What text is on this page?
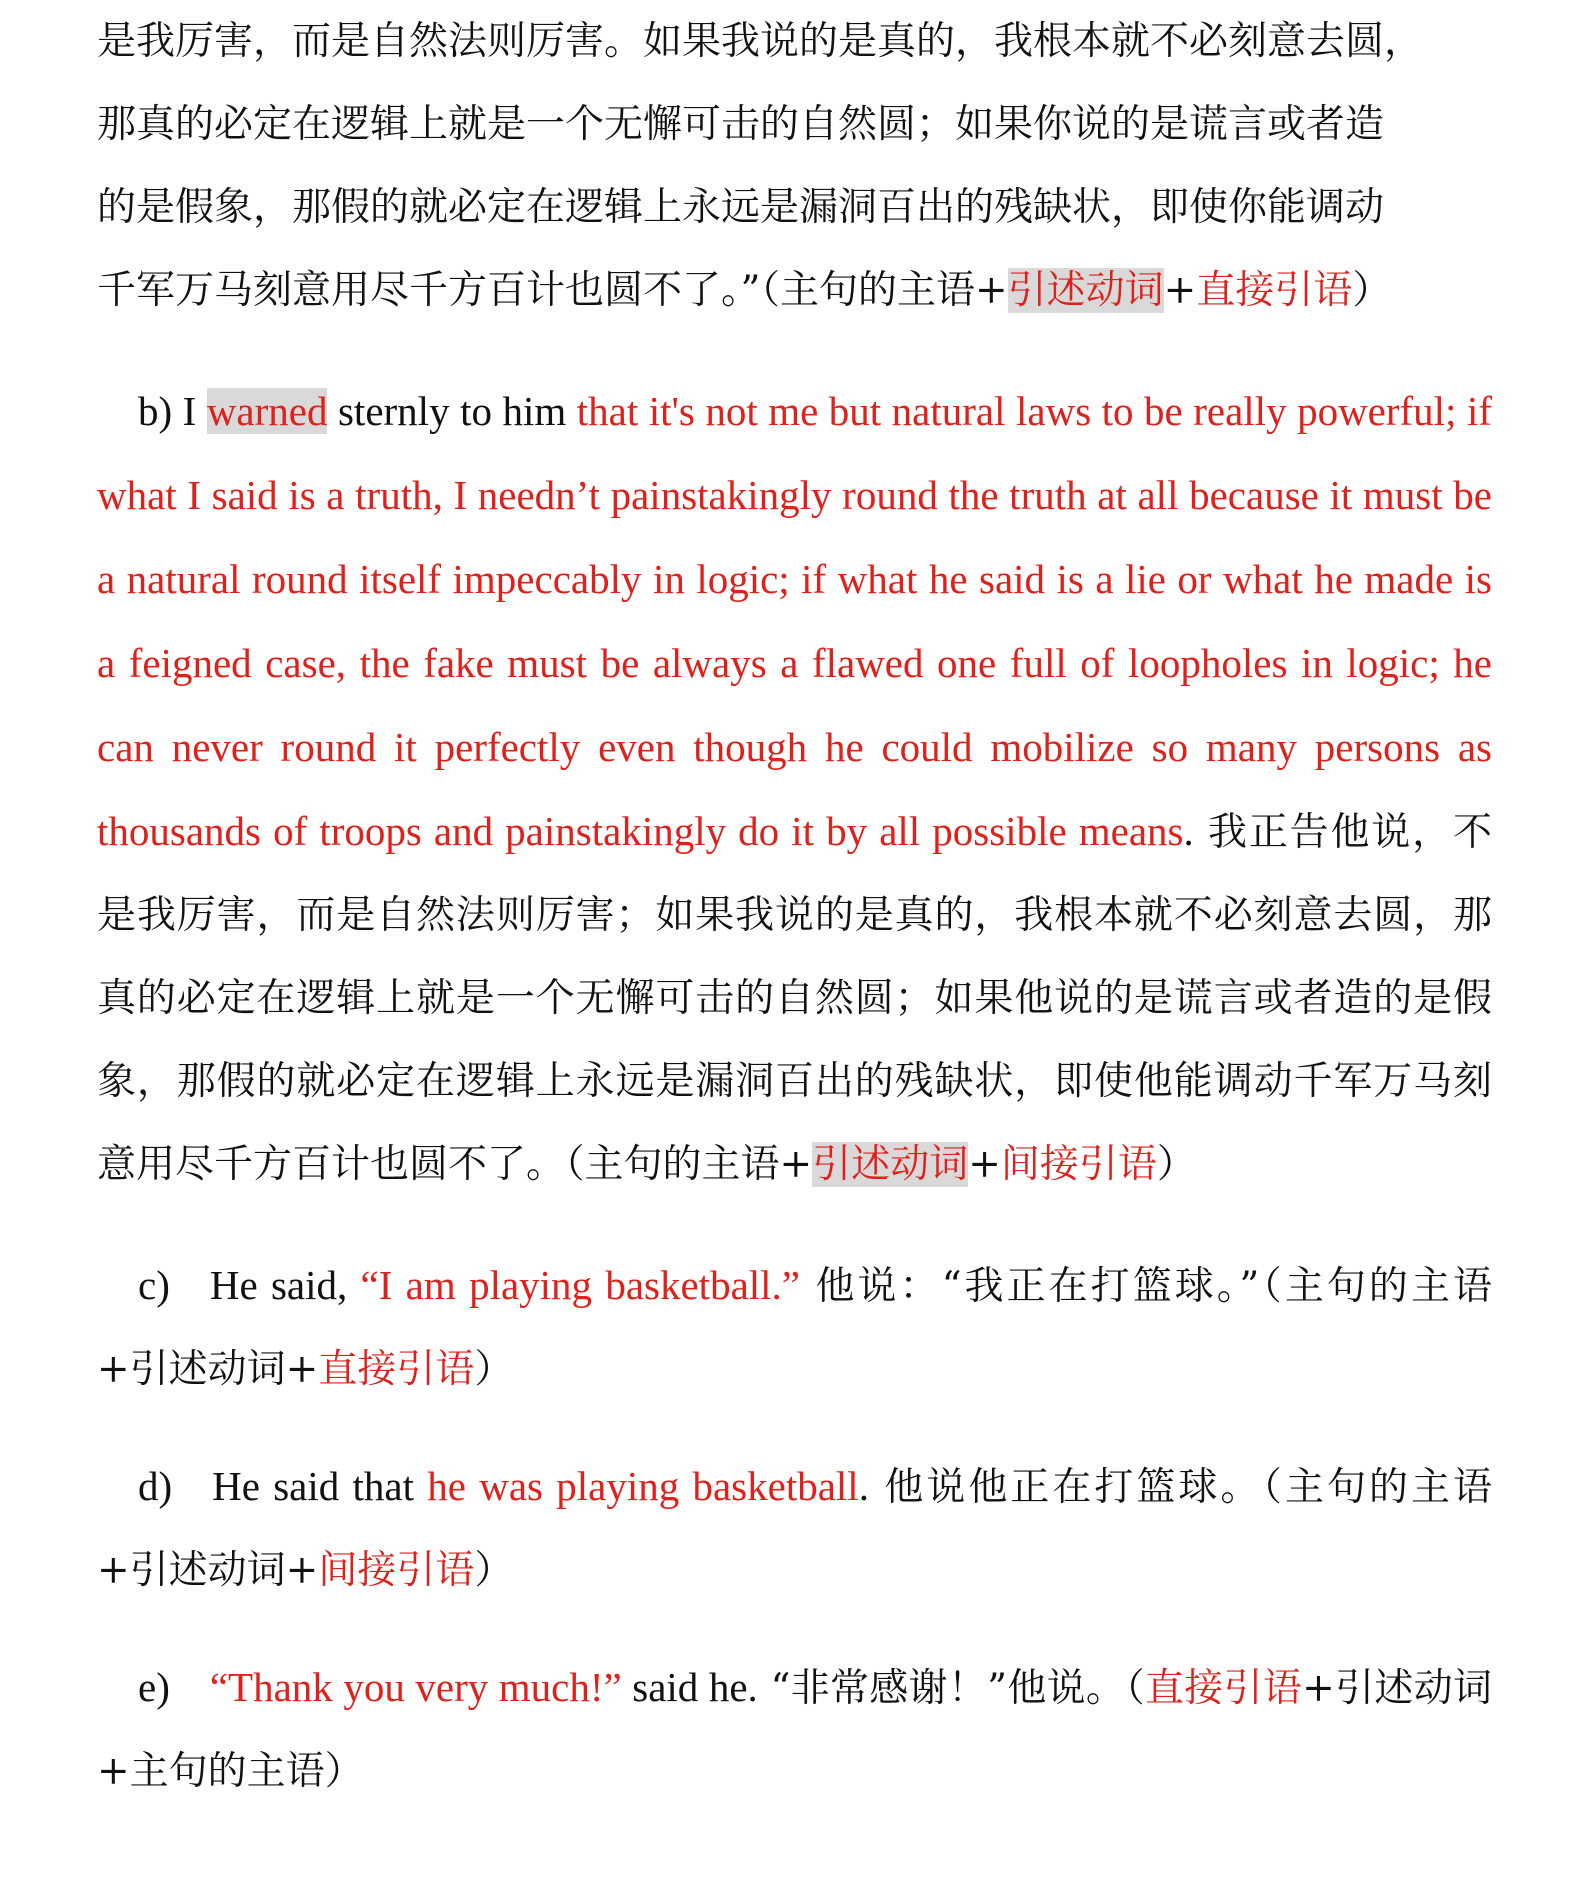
是我厉害，而是自然法则厉害。如果我说的是真的，我根本就不必刻意去圆，
那真的必定在逻辑上就是一个无懈可击的自然圆；如果你说的是谎言或者造
的是假象，那假的就必定在逻辑上永远是漏洞百出的残缺状，即使你能调动
千军万马刻意用尽千方百计也圆不了。”（主句的主语+引述动词+直接引语）

b) I warned sternly to him that it's not me but natural laws to be really powerful; if what I said is a truth, I needn’t painstakingly round the truth at all because it must be a natural round itself impeccably in logic; if what he said is a lie or what he made is a feigned case, the fake must be always a flawed one full of loopholes in logic; he can never round it perfectly even though he could mobilize so many persons as thousands of troops and painstakingly do it by all possible means. 我正告他说，不是我厉害，而是自然法则厉害；如果我说的是真的，我根本就不必刻意去圆，那真的必定在逻辑上就是一个无懈可击的自然圆；如果他说的是谎言或者造的是假象，那假的就必定在逻辑上永远是漏洞百出的残缺状，即使他能调动千军万马刻意用尽千方百计也圆不了。（主句的主语+引述动词+间接引语）

c) He said, “I am playing basketball.” 他说：“我正在打篮球。”（主句的主语+引述动词+直接引语）

d) He said that he was playing basketball. 他说他正在打篮球。（主句的主语+引述动词+间接引语）

e) “Thank you very much!” said he. “非常感谢！”他说。（直接引语+引述动词+主句的主语）
